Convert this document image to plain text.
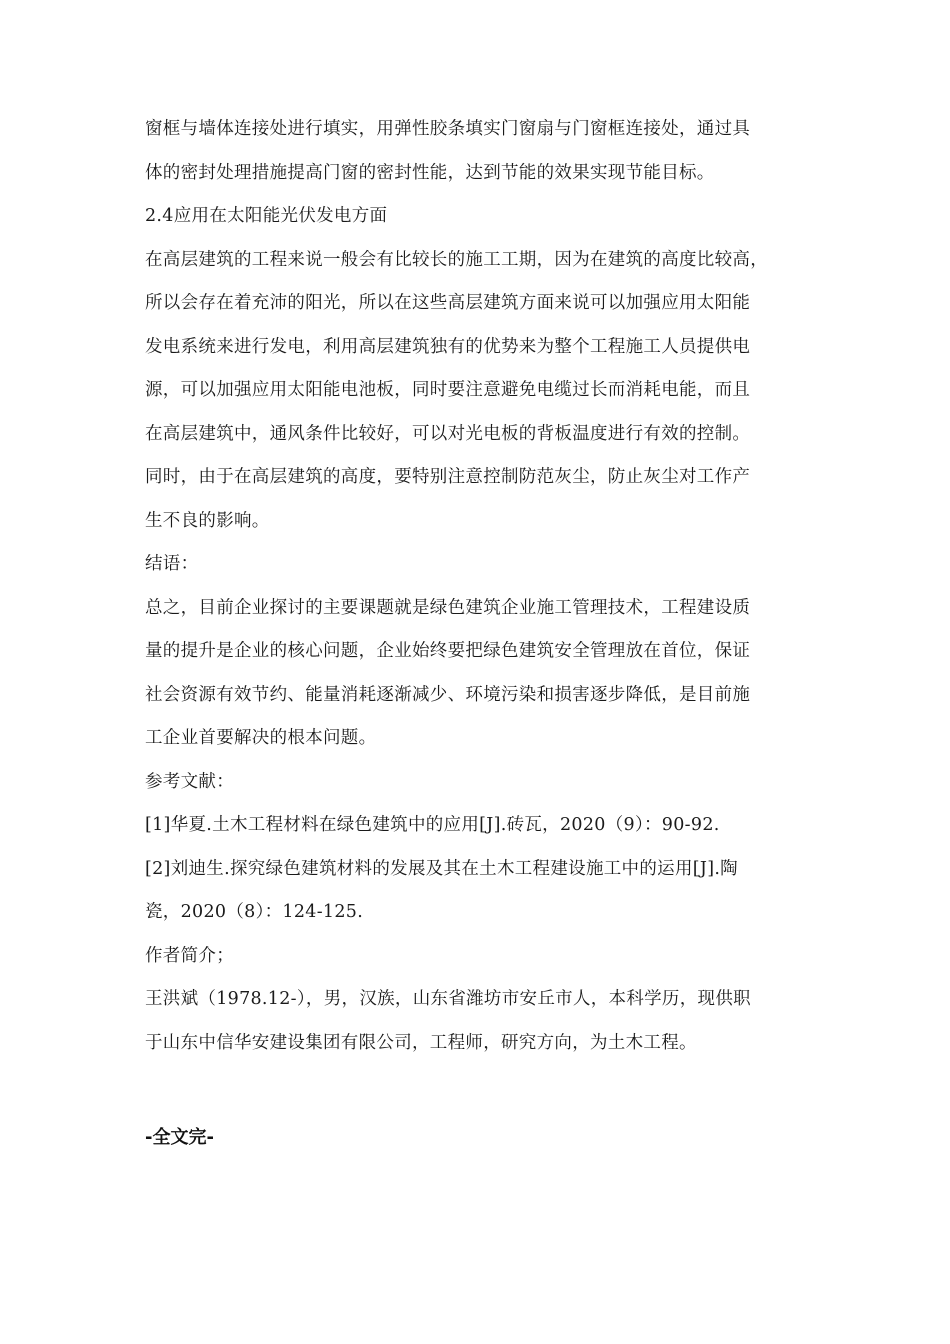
窗框与墙体连接处进行填实，用弹性胶条填实门窗扇与门窗框连接处，通过具
体的密封处理措施提高门窗的密封性能，达到节能的效果实现节能目标。
2.4应用在太阳能光伏发电方面
在高层建筑的工程来说一般会有比较长的施工工期，因为在建筑的高度比较高，
所以会存在着充沛的阳光，所以在这些高层建筑方面来说可以加强应用太阳能
发电系统来进行发电，利用高层建筑独有的优势来为整个工程施工人员提供电
源，可以加强应用太阳能电池板，同时要注意避免电缆过长而消耗电能，而且
在高层建筑中，通风条件比较好，可以对光电板的背板温度进行有效的控制。
同时，由于在高层建筑的高度，要特别注意控制防范灰尘，防止灰尘对工作产
生不良的影响。
结语：
总之，目前企业探讨的主要课题就是绿色建筑企业施工管理技术，工程建设质
量的提升是企业的核心问题，企业始终要把绿色建筑安全管理放在首位，保证
社会资源有效节约、能量消耗逐渐减少、环境污染和损害逐步降低，是目前施
工企业首要解决的根本问题。
参考文献：
[1]华夏.土木工程材料在绿色建筑中的应用[J].砖瓦，2020（9）：90-92.
[2]刘迪生.探究绿色建筑材料的发展及其在土木工程建设施工中的运用[J].陶
瓷，2020（8）：124-125.
作者简介；
王洪斌（1978.12-），男，汉族，山东省潍坊市安丘市人，本科学历，现供职
于山东中信华安建设集团有限公司，工程师，研究方向，为土木工程。
-全文完-
